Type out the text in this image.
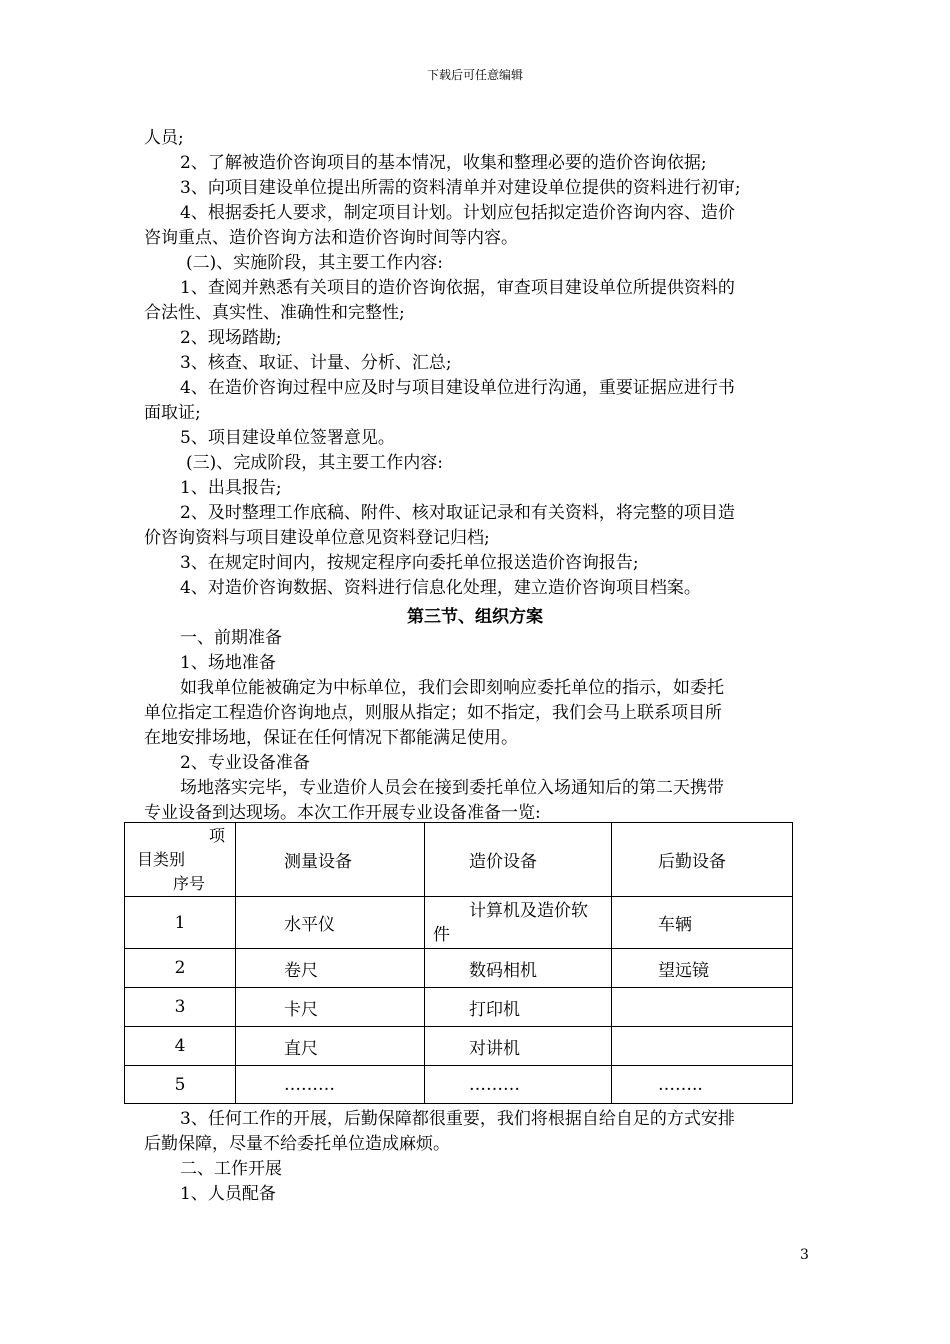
下载后可任意编辑
人员;
2、了解被造价咨询项目的基本情况，收集和整理必要的造价咨询依据;
3、向项目建设单位提出所需的资料清单并对建设单位提供的资料进行初审;
4、根据委托人要求，制定项目计划。计划应包括拟定造价咨询内容、造价
咨询重点、造价咨询方法和造价咨询时间等内容。
(二)、实施阶段，其主要工作内容:
1、查阅并熟悉有关项目的造价咨询依据，审查项目建设单位所提供资料的
合法性、真实性、准确性和完整性;
2、现场踏勘;
3、核查、取证、计量、分析、汇总;
4、在造价咨询过程中应及时与项目建设单位进行沟通，重要证据应进行书
面取证;
5、项目建设单位签署意见。
(三)、完成阶段，其主要工作内容:
1、出具报告;
2、及时整理工作底稿、附件、核对取证记录和有关资料，将完整的项目造
价咨询资料与项目建设单位意见资料登记归档;
3、在规定时间内，按规定程序向委托单位报送造价咨询报告;
4、对造价咨询数据、资料进行信息化处理，建立造价咨询项目档案。
一、前期准备
1、场地准备
如我单位能被确定为中标单位，我们会即刻响应委托单位的指示，如委托
单位指定工程造价咨询地点，则服从指定；如不指定，我们会马上联系项目所
在地安排场地，保证在任何情况下都能满足使用。
2、专业设备准备
场地落实完毕，专业造价人员会在接到委托单位入场通知后的第二天携带
专业设备到达现场。本次工作开展专业设备准备一览:
3、任何工作的开展，后勤保障都很重要，我们将根据自给自足的方式安排
后勤保障，尽量不给委托单位造成麻烦。
二、工作开展
1、人员配备
第三节、组织方案
项
目类别
序号	测量设备	造价设备	后勤设备
1	水平仪	计算机及造价软
件	车辆
2	卷尺	数码相机	望远镜
3	卡尺	打印机	
4	直尺	对讲机	
5	………	………	……..
3
